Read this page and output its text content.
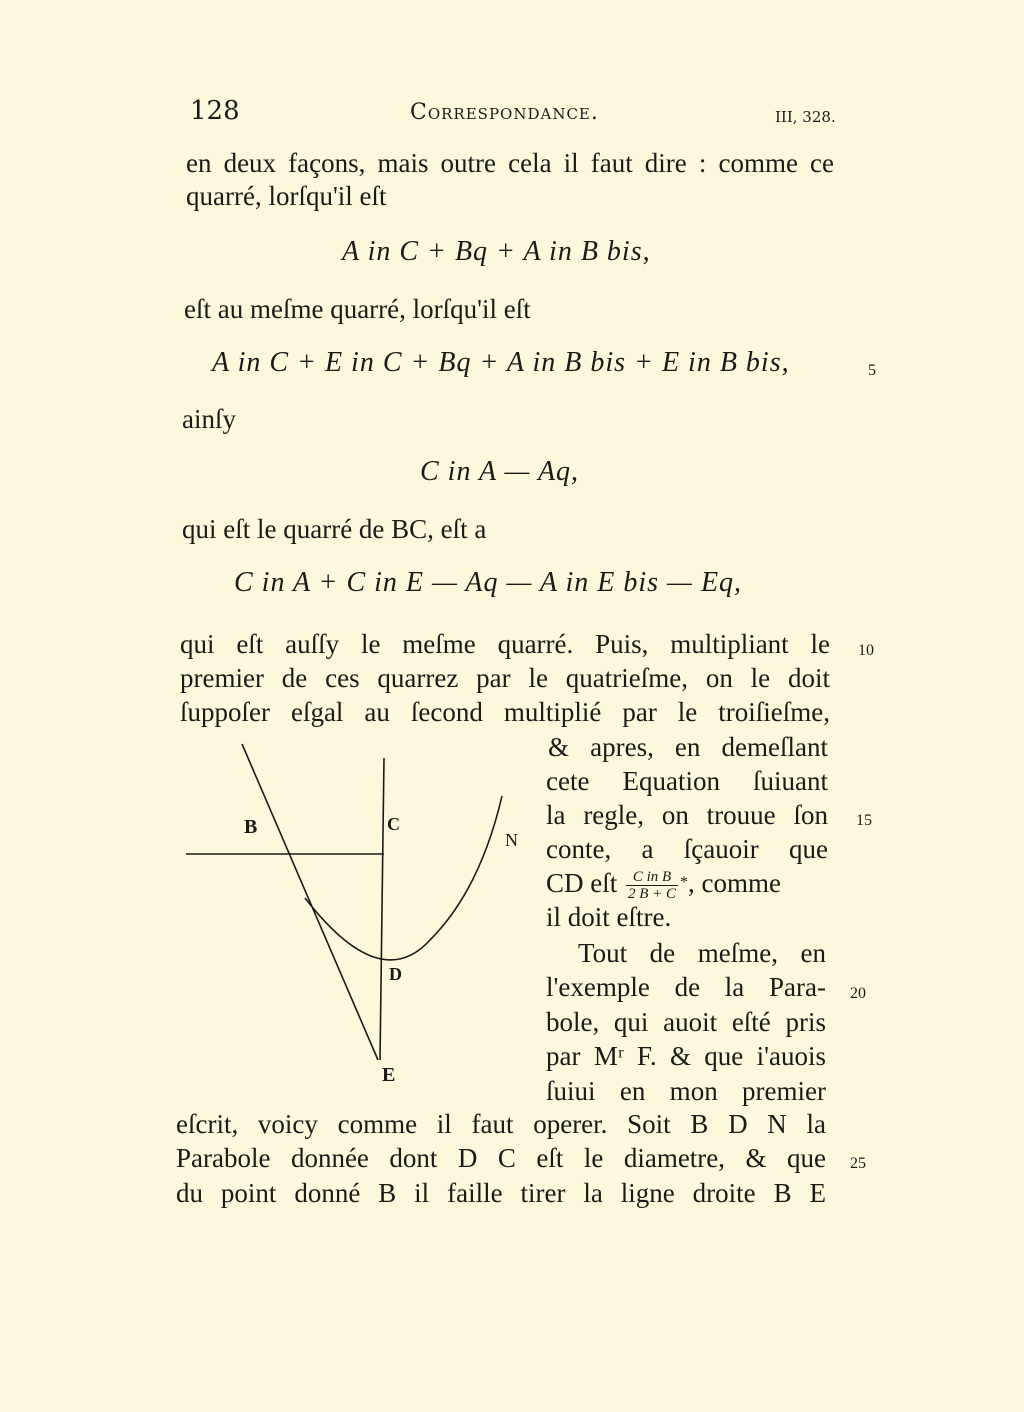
128	Correspondance.	III, 328.
en deux façons, mais outre cela il faut dire : comme ce
quarré, lorſqu'il eſt
A in C + Bq + A in B bis,
eſt au meſme quarré, lorſqu'il eſt
A in C + E in C + Bq + A in B bis + E in B bis,	5
ainſy
C in A — Aq,
qui eſt le quarré de BC, eſt a
C in A + C in E — Aq — A in E bis — Eq,
qui eſt auſſy le meſme quarré. Puis, multipliant le 10
premier de ces quarrez par le quatrieſme, on le doit
ſuppoſer eſgal au ſecond multiplié par le troiſieſme,
B	C
N
D
E
& apres, en demeſlant
cete Equation ſuiuant
la regle, on trouue ſon 15
conte, a ſçauoir que
CD eſt $\frac{\text{C in B}}{2 B + C} ^*$, comme
il doit eſtre.
Tout de meſme, en
l'exemple de la Para- 20
bole, qui auoit eſté pris
par Mʳ F. & que i'auois
ſuiui en mon premier
eſcrit, voicy comme il faut operer. Soit B D N la
Parabole donnée dont D C eſt le diametre, & que 25
du point donné B il faille tirer la ligne droite B E
